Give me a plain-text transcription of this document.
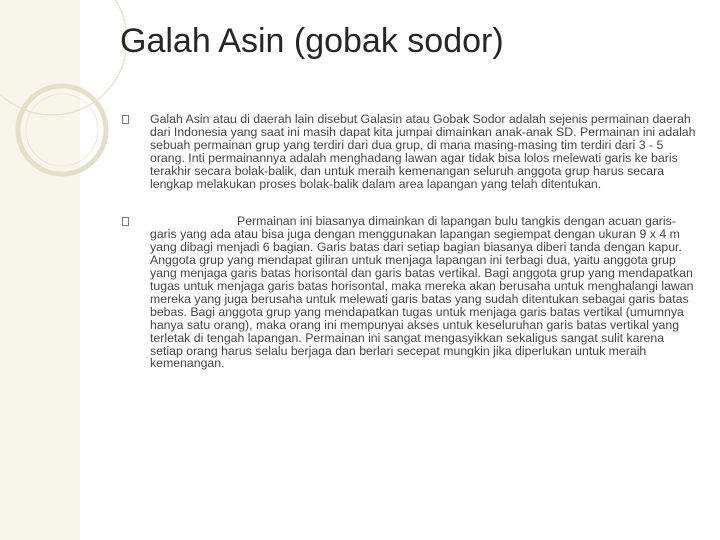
Galah Asin (gobak sodor)
Galah Asin atau di daerah lain disebut Galasin atau Gobak Sodor adalah sejenis permainan daerah dari Indonesia yang saat ini masih dapat kita jumpai dimainkan anak-anak SD. Permainan ini adalah sebuah permainan grup yang terdiri dari dua grup, di mana masing-masing tim terdiri dari 3 - 5 orang. Inti permainannya adalah menghadang lawan agar tidak bisa lolos melewati garis ke baris terakhir secara bolak-balik, dan untuk meraih kemenangan seluruh anggota grup harus secara lengkap melakukan proses bolak-balik dalam area lapangan yang telah ditentukan.
Permainan ini biasanya dimainkan di lapangan bulu tangkis dengan acuan garis-garis yang ada atau bisa juga dengan menggunakan lapangan segiempat dengan ukuran 9 x 4 m yang dibagi menjadi 6 bagian. Garis batas dari setiap bagian biasanya diberi tanda dengan kapur. Anggota grup yang mendapat giliran untuk menjaga lapangan ini terbagi dua, yaitu anggota grup yang menjaga garis batas horisontal dan garis batas vertikal. Bagi anggota grup yang mendapatkan tugas untuk menjaga garis batas horisontal, maka mereka akan berusaha untuk menghalangi lawan mereka yang juga berusaha untuk melewati garis batas yang sudah ditentukan sebagai garis batas bebas. Bagi anggota grup yang mendapatkan tugas untuk menjaga garis batas vertikal (umumnya hanya satu orang), maka orang ini mempunyai akses untuk keseluruhan garis batas vertikal yang terletak di tengah lapangan. Permainan ini sangat mengasyikkan sekaligus sangat sulit karena setiap orang harus selalu berjaga dan berlari secepat mungkin jika diperlukan untuk meraih kemenangan.
